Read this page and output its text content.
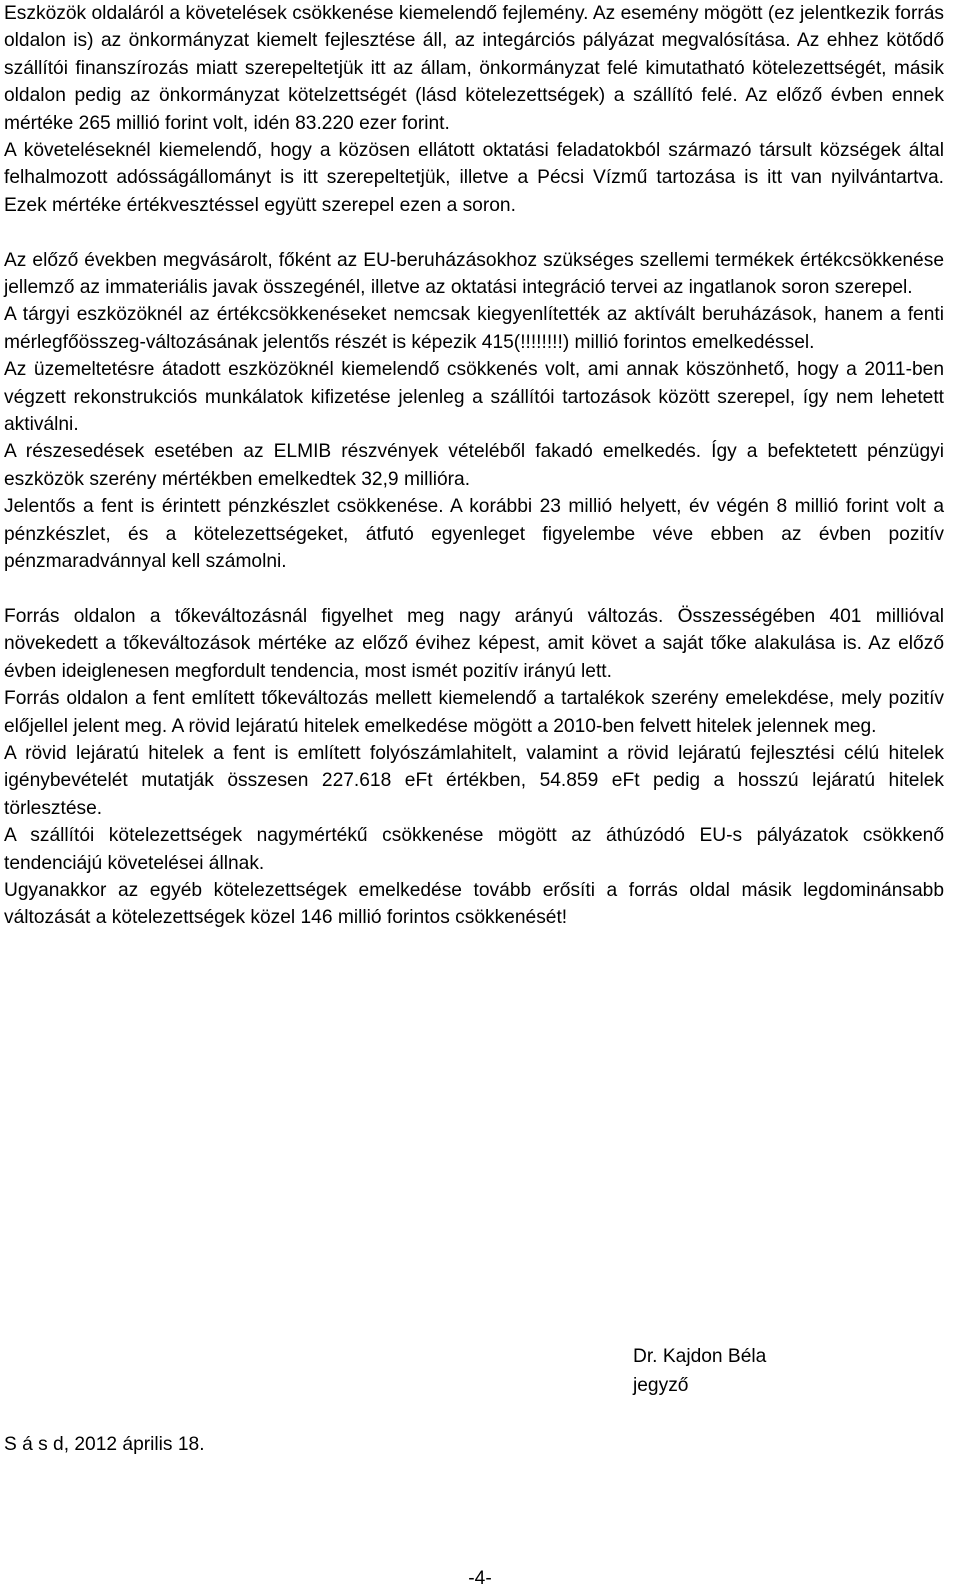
Eszközök oldaláról a követelések csökkenése kiemelendő fejlemény. Az esemény mögött (ez jelentkezik forrás oldalon is) az önkormányzat kiemelt fejlesztése áll, az integárciós pályázat megvalósítása. Az ehhez kötődő szállítói finanszírozás miatt szerepeltetjük itt az állam, önkormányzat felé kimutatható kötelezettségét, másik oldalon pedig az önkormányzat kötelzettségét (lásd kötelezettségek) a szállító felé. Az előző évben ennek mértéke 265 millió forint volt, idén 83.220 ezer forint.

A követeléseknél kiemelendő, hogy a közösen ellátott oktatási feladatokból származó társult községek által felhalmozott adósságállományt is itt szerepeltetjük, illetve a Pécsi Vízmű tartozása is itt van nyilvántartva. Ezek mértéke értékvesztéssel együtt szerepel ezen a soron.

Az előző években megvásárolt, főként az EU-beruházásokhoz szükséges szellemi termékek értékcsökkenése jellemző az immateriális javak összegénél, illetve az oktatási integráció tervei az ingatlanok soron szerepel.

A tárgyi eszközöknél az értékcsökkenéseket nemcsak kiegyenlítették az aktívált beruházások, hanem a fenti mérlegfőösszeg-változásának jelentős részét is képezik 415(!!!!!!!!) millió forintos emelkedéssel.

Az üzemeltetésre átadott eszközöknél kiemelendő csökkenés volt, ami annak köszönhető, hogy a 2011-ben végzett rekonstrukciós munkálatok kifizetése jelenleg a szállítói tartozások között szerepel, így nem lehetett aktiválni.

A részesedések esetében az ELMIB részvények vételéből fakadó emelkedés. Így a befektetett pénzügyi eszközök szerény mértékben emelkedtek 32,9 millióra.

Jelentős a fent is érintett pénzkészlet csökkenése. A korábbi 23 millió helyett, év végén 8 millió forint volt a pénzkészlet, és a kötelezettségeket, átfutó egyenleget figyelembe véve ebben az évben pozitív pénzmaradvánnyal kell számolni.

Forrás oldalon a tőkeváltozásnál figyelhet meg nagy arányú változás. Összességében 401 millióval növekedett a tőkeváltozások mértéke az előző évihez képest, amit követ a saját tőke alakulása is. Az előző évben ideiglenesen megfordult tendencia, most ismét pozitív irányú lett.

Forrás oldalon a fent említett tőkeváltozás mellett kiemelendő a tartalékok szerény emelekdése, mely pozitív előjellel jelent meg. A rövid lejáratú hitelek emelkedése mögött a 2010-ben felvett hitelek jelennek meg.

A rövid lejáratú hitelek a fent is említett folyószámlahitelt, valamint a rövid lejáratú fejlesztési célú hitelek igénybevételét mutatják összesen 227.618 eFt értékben, 54.859 eFt pedig a hosszú lejáratú hitelek törlesztése.

A szállítói kötelezettségek nagymértékű csökkenése mögött az áthúzódó EU-s pályázatok csökkenő tendenciájú követelései állnak.

Ugyanakkor az egyéb kötelezettségek emelkedése tovább erősíti a forrás oldal másik legdominánsabb változását a kötelezettségek közel 146 millió forintos csökkenését!

Dr. Kajdon Béla
jegyző
S á s d, 2012 április 18.
-4-
